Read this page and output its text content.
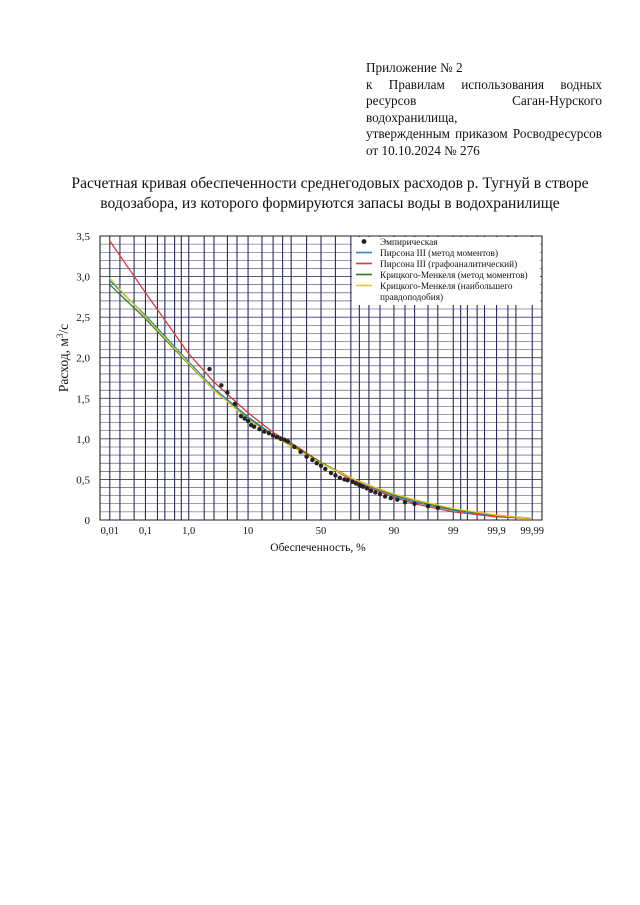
Приложение № 2
к Правилам использования водных
ресурсов Саган-Нурского водохранилища,
утвержденным приказом Росводресурсов
от 10.10.2024 № 276
Расчетная кривая обеспеченности среднегодовых расходов р. Тугнуй в створе
водозабора, из которого формируются запасы воды в водохранилище
0
0,5
1,0
1,5
2,0
2,5
3,0
3,5
0,01 0,1	1,0	10	50	90	99	99,9 99,99
Обеспеченность, %
Расход, $м^3/с$
Эмпирическая
Пирсона III (метод моментов)
Пирсона III (графоаналитический)
Крицкого-Менкеля (метод моментов)
Крицкого-Менкеля (наибольшего
правдоподобия)
